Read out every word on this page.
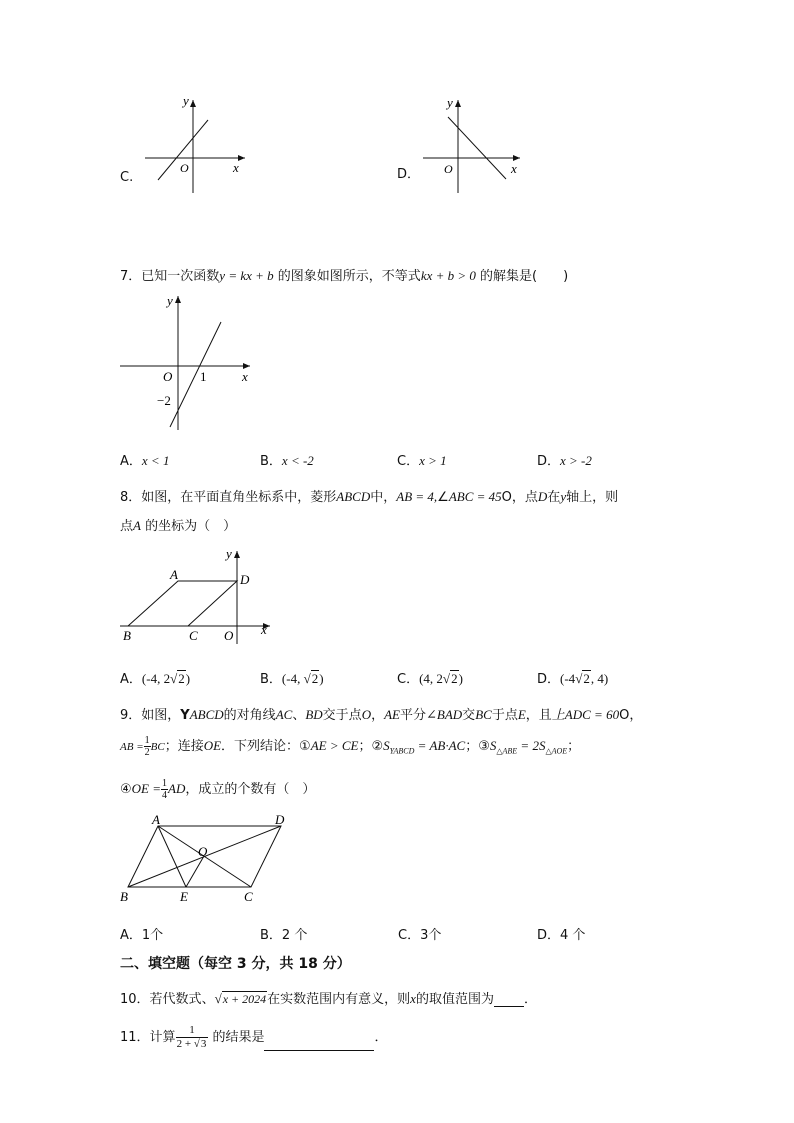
C.
y
x
O	D．
y
x
O
7．已知一次函数y = kx + b 的图象如图所示，不等式kx + b > 0 的解集是(　　)
y
x
O 1
−2
A．x < 1	B．x < -2	C．x > 1	D．x > -2
8．如图，在平面直角坐标系中，菱形ABCD中，AB = 4,∠ABC = 45O，点D在y轴上，则
点A 的坐标为（　）
y
x
A	D
B	C O
A．(-4, 2√2)	B．(-4, √2)	C．(4, 2√2)	D．(-4√2, 4)
9．如图，YABCD的对角线AC、BD交于点O，AE平分∠BAD交BC于点E，且上ADC = 60O，
AB = $\frac{1}{2}$ BC；连接OE．下列结论：①AE > CE；$②S_{YABCD} = AB\cdot AC$；$③S_{\triangle ABE} = 2S_{\triangle AOE}$；
④OE = $\frac{1}{4}$ AD，成立的个数有（　）
A	D
B	E	C
O
A．1个	B．2 个	C．3个	D．4 个
二、填空题（每空 3 分，共 18 分）
10．若代数式、√x + 2024在实数范围内有意义，则x的取值范围为 ．
11．计算 $\frac{1}{2 + √3}$ 的结果是	．
